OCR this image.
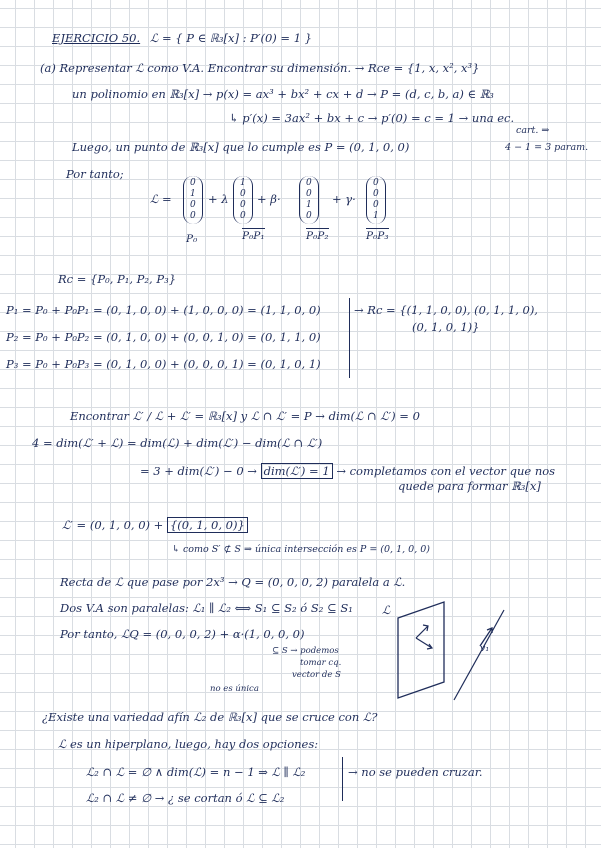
EJERCICIO 50. ℒ = { P ∈ ℝ₃[x] : P′(0) = 1 }
(a) Representar ℒ como V.A. Encontrar su dimensión. → Rce = {1, x, x², x³}
un polinomio en ℝ₃[x] → p(x) = ax³ + bx² + cx + d → P = (d, c, b, a) ∈ ℝ₃
↳ p′(x) = 3ax² + bx + c → p′(0) = c = 1 → una ec.
cart. ⇒
4 − 1 = 3 param.
Luego, un punto de ℝ₃[x] que lo cumple es P = (0, 1, 0, 0)
Por tanto;
ℒ =
0
1
0
0
+ λ
1
0
0
0
+ β·
0
0
1
0
+ γ·
0
0
0
1
P₀	P₀P₁	P₀P₂	P₀P₃
Rc = {P₀, P₁, P₂, P₃}
P₁ = P₀ + P₀P₁ = (0, 1, 0, 0) + (1, 0, 0, 0) = (1, 1, 0, 0)
P₂ = P₀ + P₀P₂ = (0, 1, 0, 0) + (0, 0, 1, 0) = (0, 1, 1, 0)
P₃ = P₀ + P₀P₃ = (0, 1, 0, 0) + (0, 0, 0, 1) = (0, 1, 0, 1)
→ Rc = {(1, 1, 0, 0), (0, 1, 1, 0),
(0, 1, 0, 1)}
Encontrar ℒ′ / ℒ + ℒ′ = ℝ₃[x] y ℒ ∩ ℒ′ = P → dim(ℒ ∩ ℒ′) = 0
4 = dim(ℒ′ + ℒ) = dim(ℒ) + dim(ℒ′) − dim(ℒ ∩ ℒ′)
= 3 + dim(ℒ′) − 0 → dim(ℒ′) = 1 → completamos con el vector que nos
quede para formar ℝ₃[x]
ℒ′ = (0, 1, 0, 0) + {(0, 1, 0, 0)}
↳ como S′ ⊄ S ⇒ única intersección es P = (0, 1, 0, 0)
Recta de ℒ que pase por 2x³ → Q = (0, 0, 0, 2) paralela a ℒ.
Dos V.A son paralelas: ℒ₁ ∥ ℒ₂ ⟺ S₁ ⊆ S₂ ó S₂ ⊆ S₁
Por tanto, ℒQ = (0, 0, 0, 2) + α·(1, 0, 0, 0)
⊆ S → podemos
tomar cq.
vector de S
no es única
ℒ
v₁
¿Existe una variedad afín ℒ₂ de ℝ₃[x] que se cruce con ℒ?
ℒ es un hiperplano, luego, hay dos opciones:
ℒ₂ ∩ ℒ = ∅ ∧ dim(ℒ) = n − 1 ⇒ ℒ ∥ ℒ₂
ℒ₂ ∩ ℒ ≠ ∅ → ¿ se cortan ó ℒ ⊆ ℒ₂
→ no se pueden cruzar.
